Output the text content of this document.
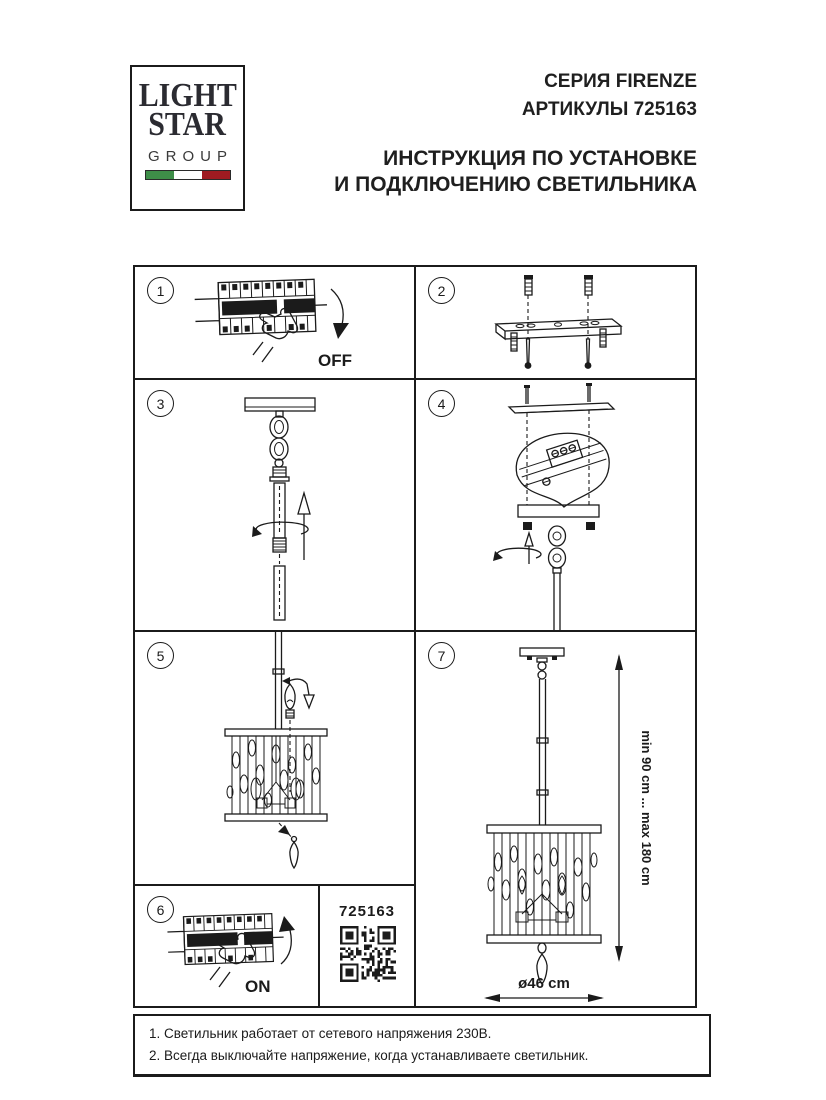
LIGHT
STAR
GROUP
СЕРИЯ FIRENZE
АРТИКУЛЫ 725163
ИНСТРУКЦИЯ ПО УСТАНОВКЕ
И ПОДКЛЮЧЕНИЮ СВЕТИЛЬНИКА
1
OFF
2
3	4
5	7
min 90 cm ... max 180 cm
ø46 cm
6
ON
725163
1. Светильник работает от сетевого напряжения 230В.
2. Всегда выключайте напряжение, когда устанавливаете светильник.
